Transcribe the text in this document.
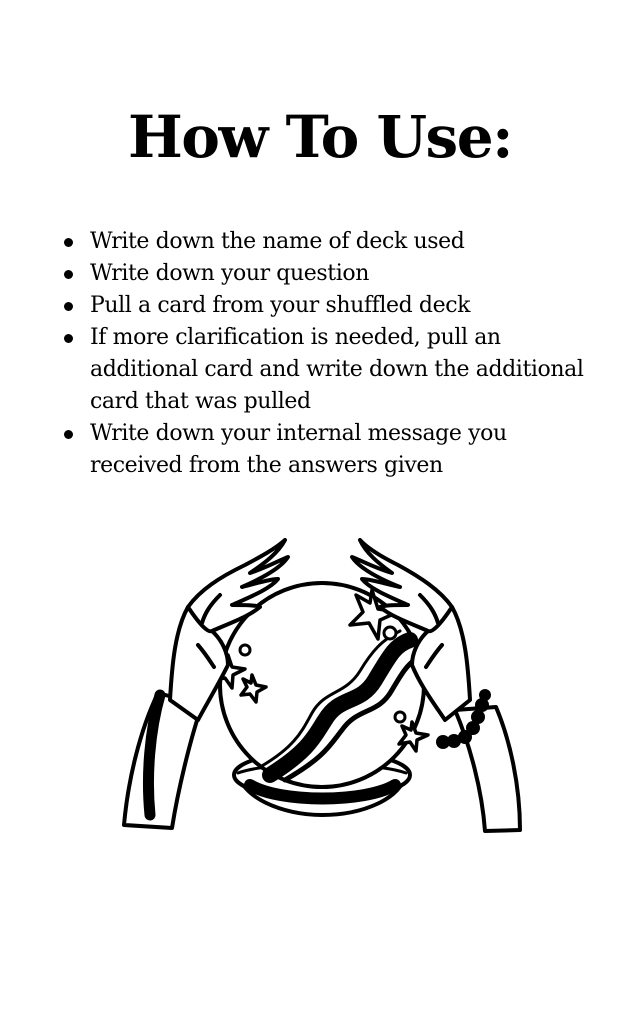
How To Use:
Write down the name of deck used
Write down your question
Pull a card from your shuffled deck
If more clarification is needed, pull an additional card and write down the additional card that was pulled
Write down your internal message you received from the answers given
